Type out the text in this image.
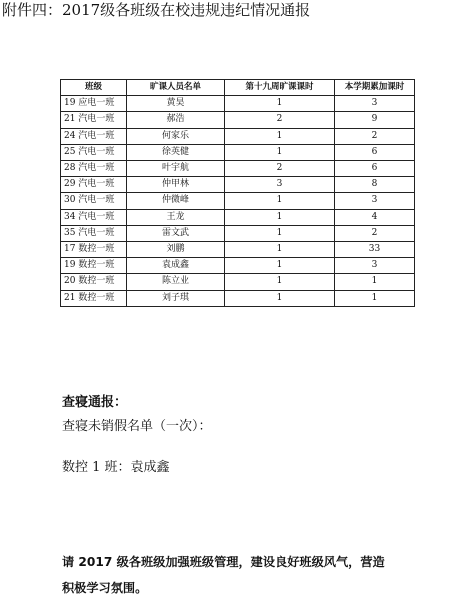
附件四：2017级各班级在校违规违纪情况通报
班级	旷课人员名单	第十九周旷课课时	本学期累加课时
19 应电一班	黄昊	1	3
21 汽电一班	郝浩	2	9
24 汽电一班	何家乐	1	2
25 汽电一班	徐英健	1	6
28 汽电一班	叶宇航	2	6
29 汽电一班	仲甲林	3	8
30 汽电一班	仲微峰	1	3
34 汽电一班	王龙	1	4
35 汽电一班	雷文武	1	2
17 数控一班	刘鹏	1	33
19 数控一班	袁成鑫	1	3
20 数控一班	陈立业	1	1
21 数控一班	刘子琪	1	1
查寝通报：
查寝未销假名单（一次）：
数控 1 班：袁成鑫
请 2017 级各班级加强班级管理，建设良好班级风气，营造
积极学习氛围。
